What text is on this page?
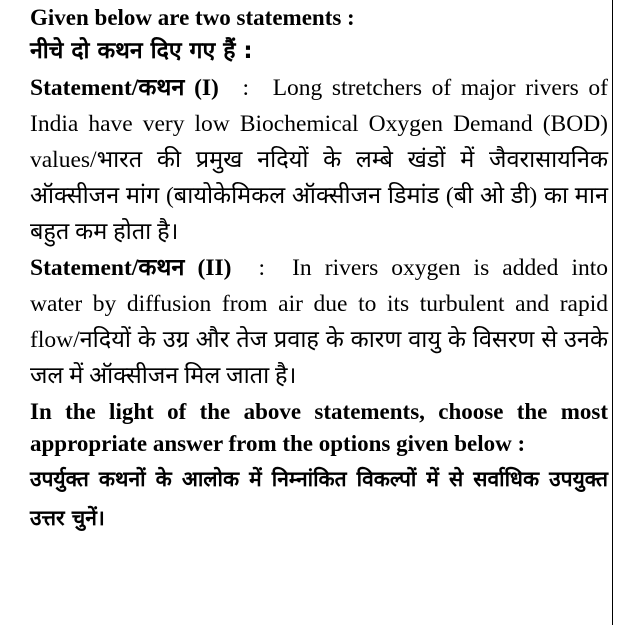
Given below are two statements :

नीचे दो कथन दिए गए हैं :

Statement/कथन (I) : Long stretchers of major rivers of India have very low Biochemical Oxygen Demand (BOD) values/भारत की प्रमुख नदियों के लम्बे खंडों में जैवरासायनिक ऑक्सीजन मांग (बायोकेमिकल ऑक्सीजन डिमांड (बी ओ डी) का मान बहुत कम होता है।

Statement/कथन (II) : In rivers oxygen is added into water by diffusion from air due to its turbulent and rapid flow/नदियों के उग्र और तेज प्रवाह के कारण वायु के विसरण से उनके जल में ऑक्सीजन मिल जाता है।

In the light of the above statements, choose the most appropriate answer from the options given below :

उपर्युक्त कथनों के आलोक में निम्नांकित विकल्पों में से सर्वाधिक उपयुक्त उत्तर चुनें।
